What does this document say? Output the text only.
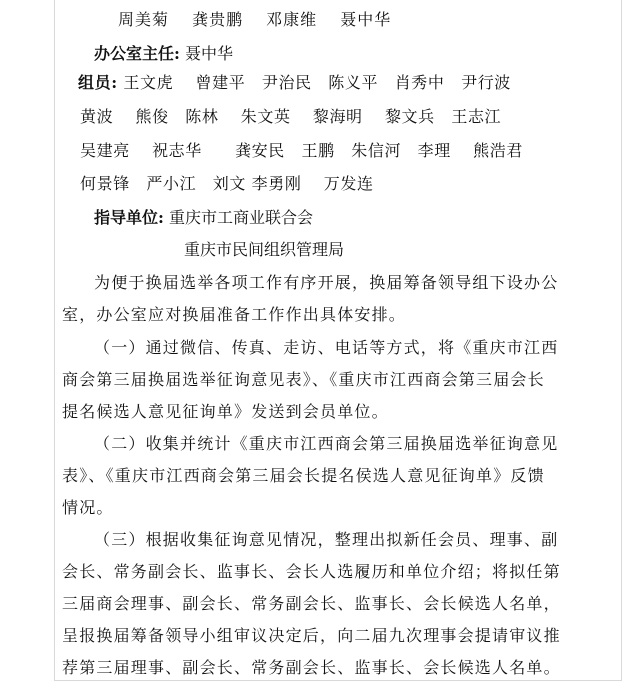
周美菊　 龚贵鹏　 邓康维　 聂中华
办公室主任: 聂中华
组员: 王文虎　 曾建平　尹治民　陈义平　肖秀中　尹行波
黄波　 熊俊　陈林　 朱文英　 黎海明　 黎文兵　王志江
吴建亮　 祝志华　　龚安民　王鹏　朱信河　李理　 熊浩君
何景锋　严小江　刘文 李勇刚　 万发连
指导单位: 重庆市工商业联合会
重庆市民间组织管理局
为便于换届选举各项工作有序开展，换届筹备领导组下设办公
室，办公室应对换届准备工作作出具体安排。
（一）通过微信、传真、走访、电话等方式，将《重庆市江西
商会第三届换届选举征询意见表》、《重庆市江西商会第三届会长
提名候选人意见征询单》发送到会员单位。
（二）收集并统计《重庆市江西商会第三届换届选举征询意见
表》、《重庆市江西商会第三届会长提名侯选人意见征询单》反馈
情况。
（三）根据收集征询意见情况，整理出拟新任会员、理事、副
会长、常务副会长、监事长、会长人选履历和单位介绍；将拟任第
三届商会理事、副会长、常务副会长、监事长、会长候选人名单，
呈报换届筹备领导小组审议决定后，向二届九次理事会提请审议推
荐第三届理事、副会长、常务副会长、监事长、会长候选人名单。
